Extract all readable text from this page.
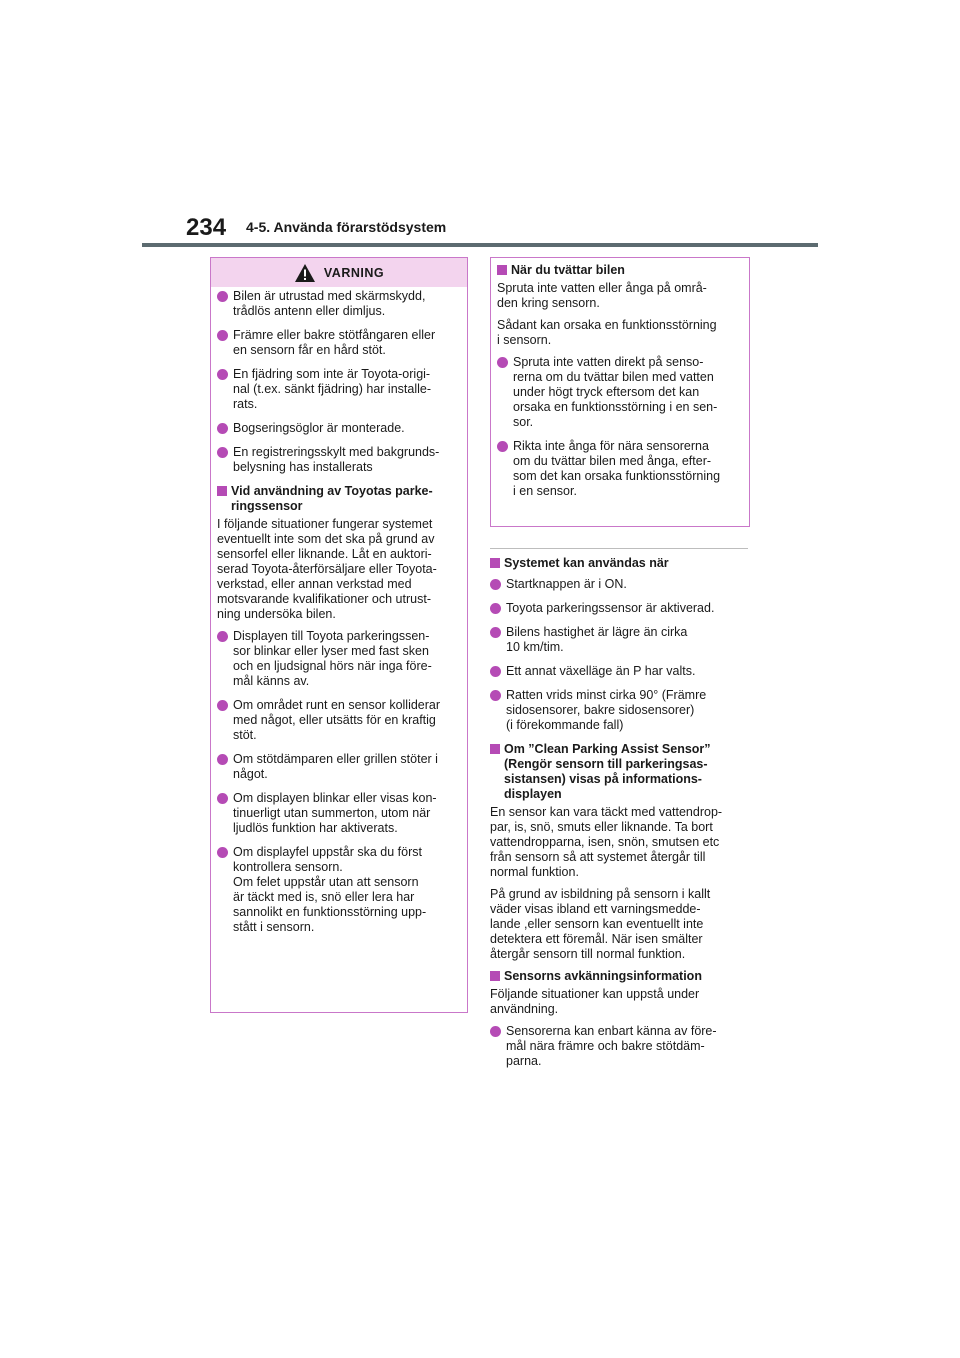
234 4-5. Använda förarstödsystem
VARNING
Bilen är utrustad med skärmskydd,
trådlös antenn eller dimljus.
Främre eller bakre stötfångaren eller
en sensorn får en hård stöt.
En fjädring som inte är Toyota-origi-
nal (t.ex. sänkt fjädring) har installe-
rats.
Bogseringsöglor är monterade.
En registreringsskylt med bakgrunds-
belysning has installerats
Vid användning av Toyotas parke-
ringssensor
I följande situationer fungerar systemet
eventuellt inte som det ska på grund av
sensorfel eller liknande. Låt en auktori-
serad Toyota-återförsäljare eller Toyota-
verkstad, eller annan verkstad med
motsvarande kvalifikationer och utrust-
ning undersöka bilen.
Displayen till Toyota parkeringssen-
sor blinkar eller lyser med fast sken
och en ljudsignal hörs när inga före-
mål känns av.
Om området runt en sensor kolliderar
med något, eller utsätts för en kraftig
stöt.
Om stötdämparen eller grillen stöter i
något.
Om displayen blinkar eller visas kon-
tinuerligt utan summerton, utom när
ljudlös funktion har aktiverats.
Om displayfel uppstår ska du först
kontrollera sensorn.
Om felet uppstår utan att sensorn
är täckt med is, snö eller lera har
sannolikt en funktionsstörning upp-
stått i sensorn.
När du tvättar bilen
Spruta inte vatten eller ånga på områ-
den kring sensorn.
Sådant kan orsaka en funktionsstörning
i sensorn.
Spruta inte vatten direkt på senso-
rerna om du tvättar bilen med vatten
under högt tryck eftersom det kan
orsaka en funktionsstörning i en sen-
sor.
Rikta inte ånga för nära sensorerna
om du tvättar bilen med ånga, efter-
som det kan orsaka funktionsstörning
i en sensor.
Systemet kan användas när
Startknappen är i ON.
Toyota parkeringssensor är aktiverad.
Bilens hastighet är lägre än cirka
10 km/tim.
Ett annat växelläge än P har valts.
Ratten vrids minst cirka 90° (Främre
sidosensorer, bakre sidosensorer)
(i förekommande fall)
Om ”Clean Parking Assist Sensor”
(Rengör sensorn till parkeringsas-
sistansen) visas på informations-
displayen
En sensor kan vara täckt med vattendrop-
par, is, snö, smuts eller liknande. Ta bort
vattendropparna, isen, snön, smutsen etc
från sensorn så att systemet återgår till
normal funktion.
På grund av isbildning på sensorn i kallt
väder visas ibland ett varningsmedde-
lande ,eller sensorn kan eventuellt inte
detektera ett föremål. När isen smälter
återgår sensorn till normal funktion.
Sensorns avkänningsinformation
Följande situationer kan uppstå under
användning.
Sensorerna kan enbart känna av före-
mål nära främre och bakre stötdäm-
parna.
